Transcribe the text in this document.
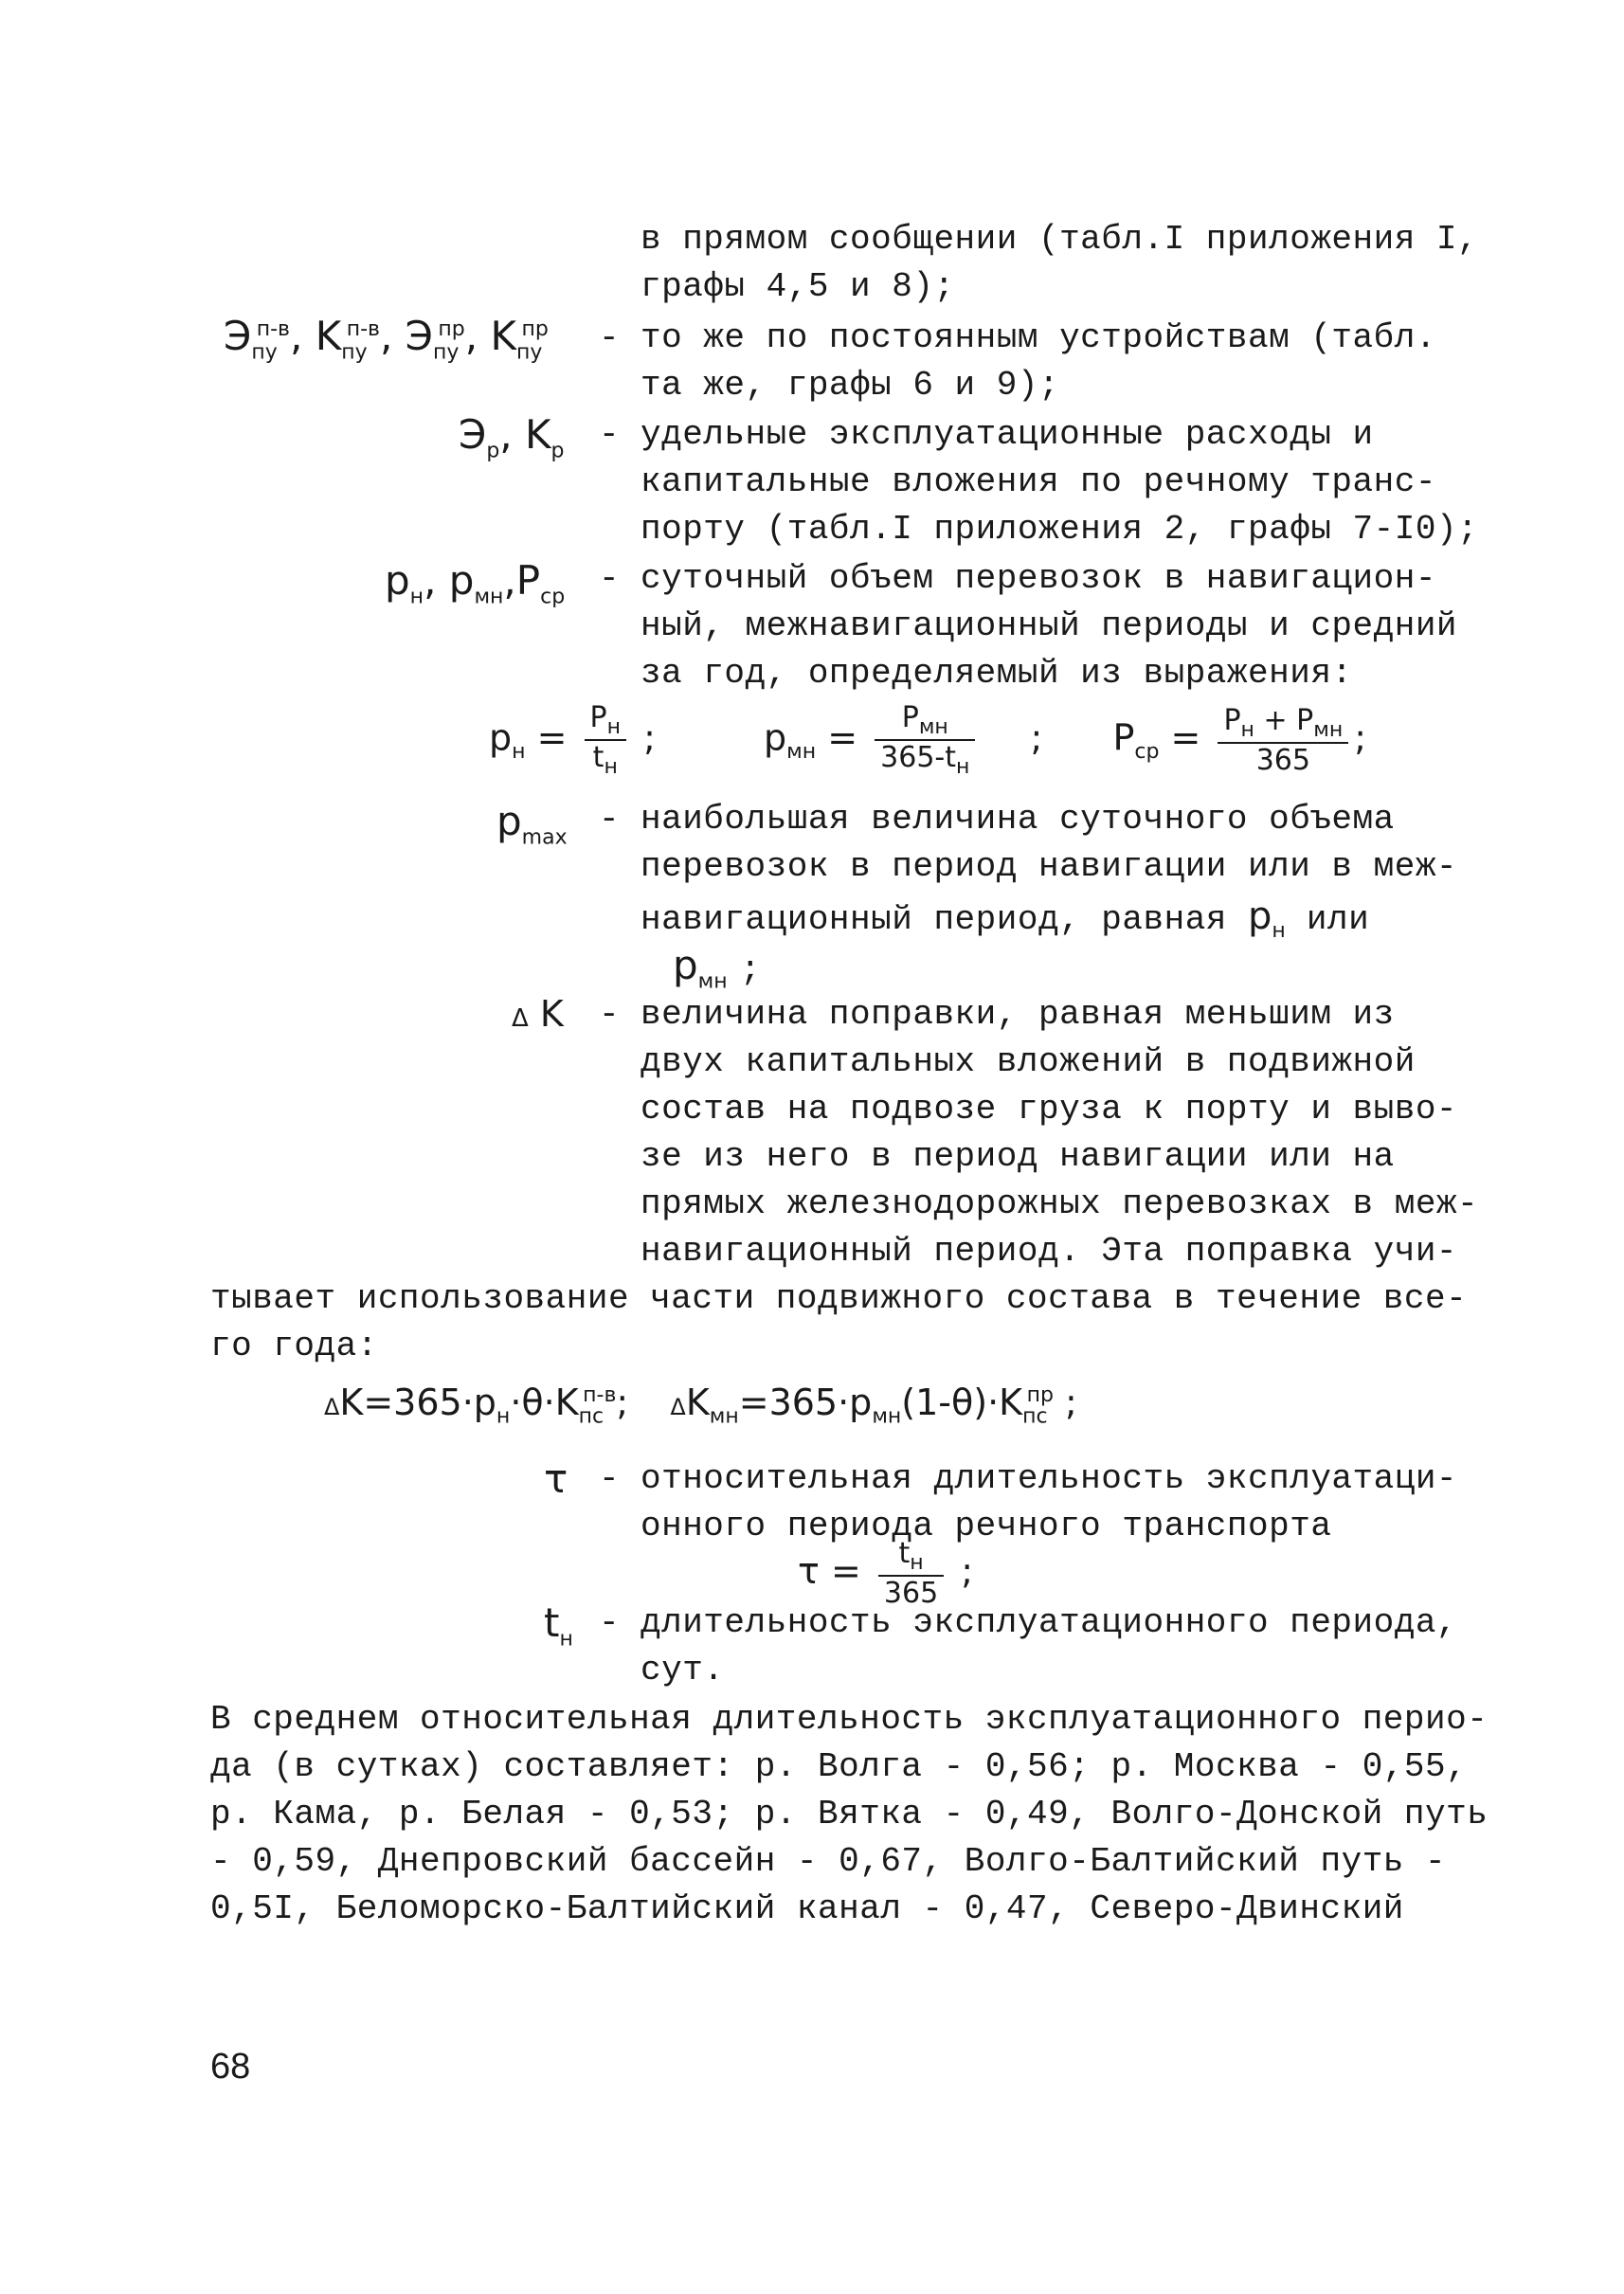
в прямом сообщении (табл.I приложения I,
графы 4,5 и 8);
$Э_{пу}^{п-в}$, $K_{пу}^{п-в}$, $Э_{пу}^{пр}$, $K_{пу}^{пр}$ - то же по постоянным устройствам (табл.
та же, графы 6 и 9);
$Э_р$, $K_р$ - удельные эксплуатационные расходы и
капитальные вложения по речному транс-
порту (табл.I приложения 2, графы 7-I0);
$p_н$, $p_{мн},P_{ср}$ - суточный объем перевозок в навигацион-
ный, межнавигационный периоды и средний
за год, определяемый из выражения:
$p_н = \frac{P_н}{t_н}$ ;  $p_{мн} = \frac{P_{мн}}{365-t_н}$ ;  $P_{ср} = \frac{P_н + P_{мн}}{365}$ ;
$p_{max}$ - наибольшая величина суточного объема
перевозок в период навигации или в меж-
навигационный период, равная $p_н$ или
$p_{мн}$ ;
Δ K - величина поправки, равная меньшим из
двух капитальных вложений в подвижной
состав на подвозе груза к порту и выво-
зе из него в период навигации или на
прямых железнодорожных перевозках в меж-
навигационный период. Эта поправка учи-
тывает использование части подвижного состава в течение все-
го года:
$\Delta K=365\cdot p_н\cdot\theta\cdot K_{пс}^{п-в}$;  $\Delta K_{мн}=365\cdot p_{мн}(1-\theta)\cdot K_{пс}^{пр}$ ;
τ - относительная длительность эксплуатаци-
онного периода речного транспорта
$\tau = \frac{t_н}{365}$ ;
$t_н$ - длительность эксплуатационного периода,
сут.
В среднем относительная длительность эксплуатационного перио-
да (в сутках) составляет: р. Волга - 0,56; р. Москва - 0,55,
р. Кама, р. Белая - 0,53; р. Вятка - 0,49, Волго-Донской путь
- 0,59, Днепровский бассейн - 0,67, Волго-Балтийский путь -
0,5I, Беломорско-Балтийский канал - 0,47, Северо-Двинский
68
